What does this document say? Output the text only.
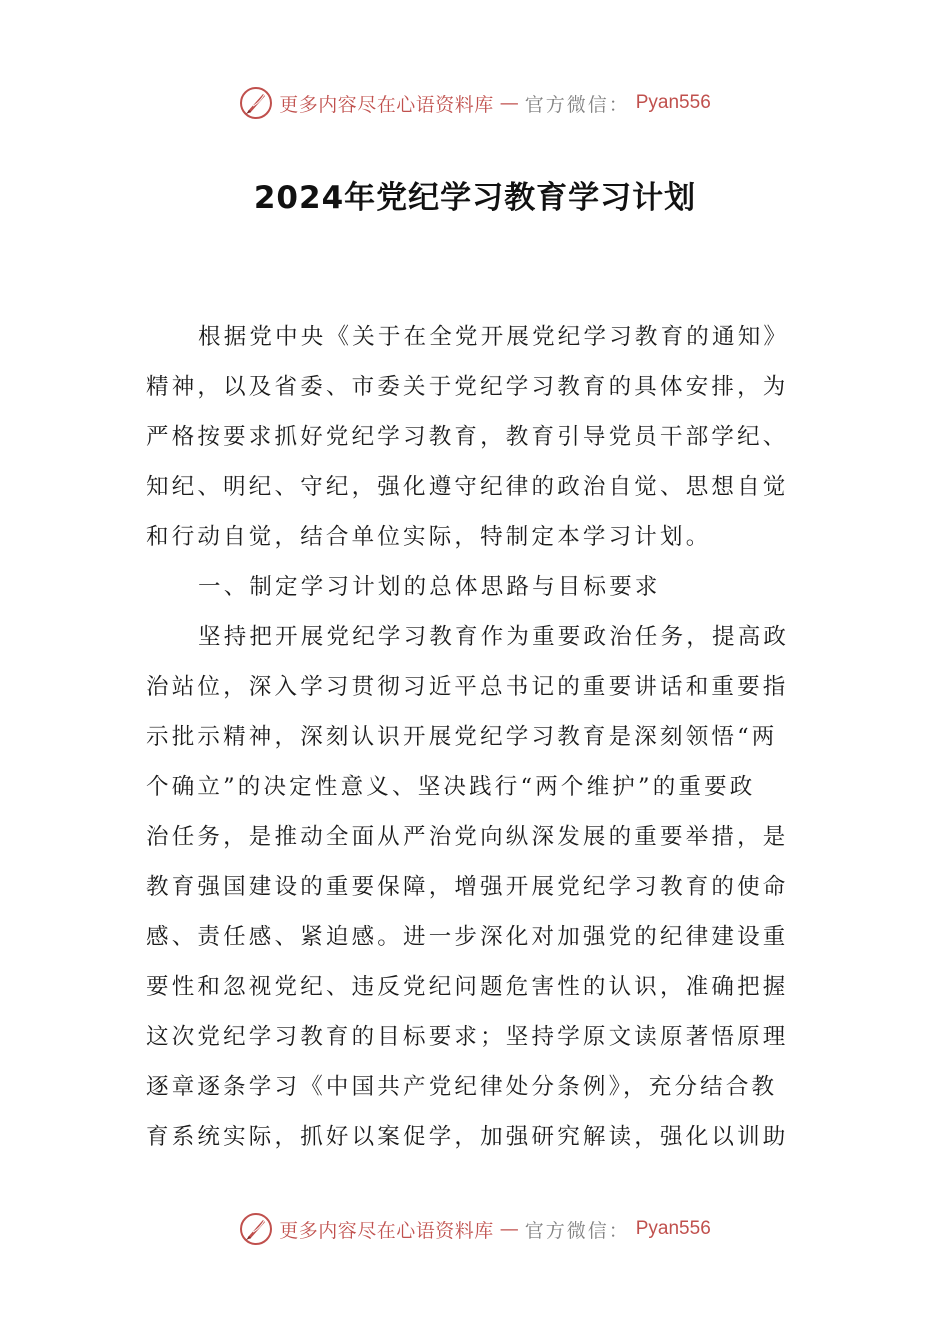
更多内容尽在心语资料库 — 官方微信： Pyan556
2024年党纪学习教育学习计划
根据党中央《关于在全党开展党纪学习教育的通知》
精神，以及省委、市委关于党纪学习教育的具体安排，为
严格按要求抓好党纪学习教育，教育引导党员干部学纪、
知纪、明纪、守纪，强化遵守纪律的政治自觉、思想自觉
和行动自觉，结合单位实际，特制定本学习计划。
一、制定学习计划的总体思路与目标要求
坚持把开展党纪学习教育作为重要政治任务，提高政
治站位，深入学习贯彻习近平总书记的重要讲话和重要指
示批示精神，深刻认识开展党纪学习教育是深刻领悟“两
个确立”的决定性意义、坚决践行“两个维护”的重要政
治任务，是推动全面从严治党向纵深发展的重要举措，是
教育强国建设的重要保障，增强开展党纪学习教育的使命
感、责任感、紧迫感。进一步深化对加强党的纪律建设重
要性和忽视党纪、违反党纪问题危害性的认识，准确把握
这次党纪学习教育的目标要求；坚持学原文读原著悟原理
逐章逐条学习《中国共产党纪律处分条例》，充分结合教
育系统实际，抓好以案促学，加强研究解读，强化以训助
更多内容尽在心语资料库 — 官方微信： Pyan556
